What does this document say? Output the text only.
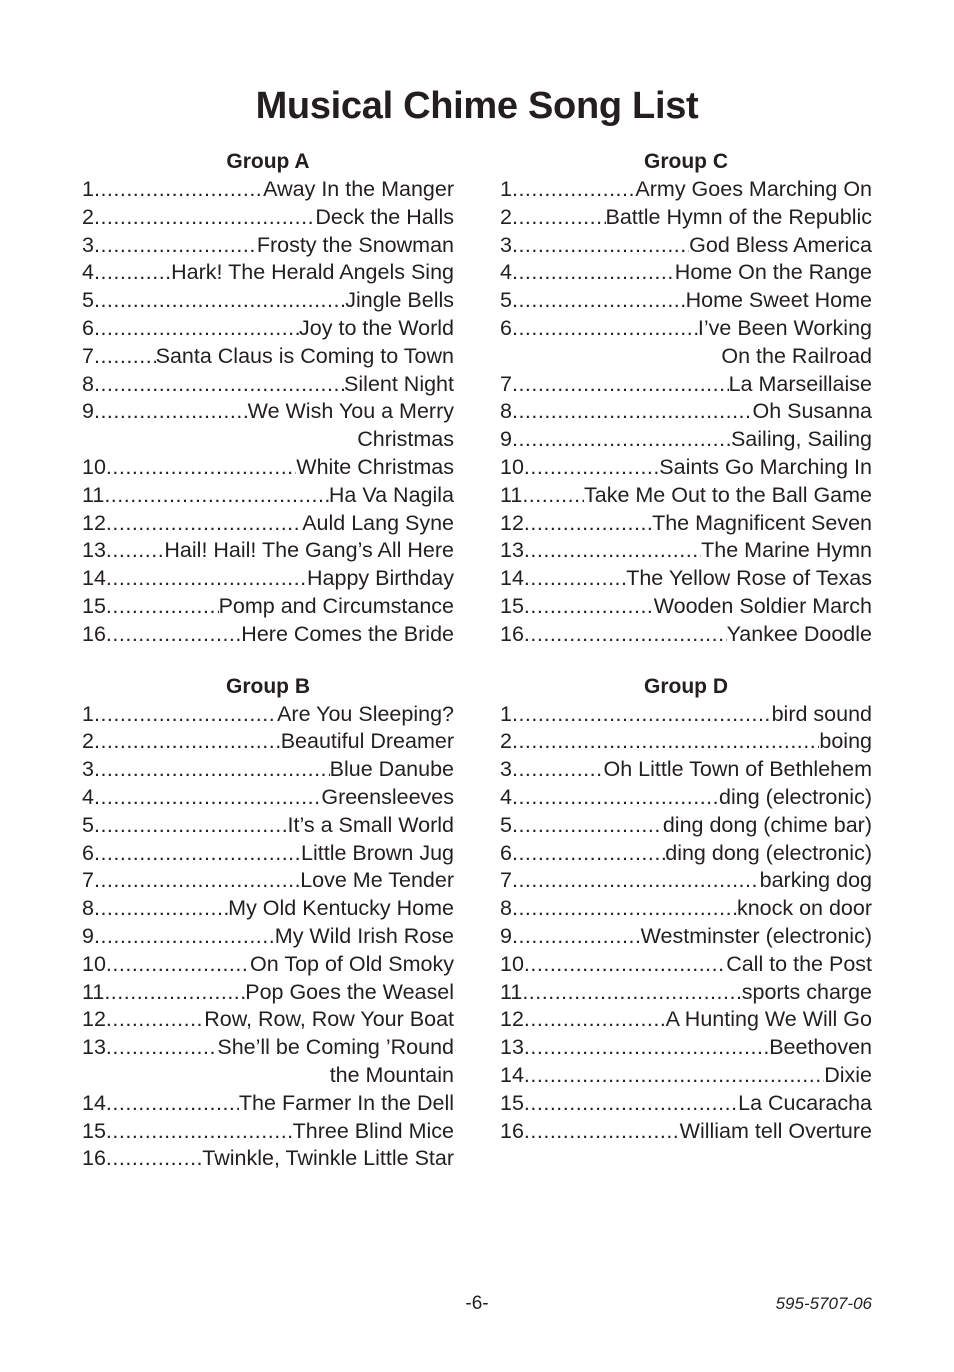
Musical Chime Song List
Group A
1 .....	Away In the Manger
2 .....	Deck the Halls
3 .....	Frosty the Snowman
4 .....	Hark! The Herald Angels Sing
5 .....	Jingle Bells
6 .....	Joy to the World
7 .....	Santa Claus is Coming to Town
8 .....	Silent Night
9 .....	We Wish You a Merry
Christmas
10 .....	White Christmas
11 .....	Ha Va Nagila
12 .....	Auld Lang Syne
13 .....	Hail! Hail! The Gang’s All Here
14 .....	Happy Birthday
15 .....	Pomp and Circumstance
16 .....	Here Comes the Bride
Group B
1 .....	Are You Sleeping?
2 .....	Beautiful Dreamer
3 .....	Blue Danube
4 .....	Greensleeves
5 .....	It’s a Small World
6 .....	Little Brown Jug
7 .....	Love Me Tender
8 .....	My Old Kentucky Home
9 .....	My Wild Irish Rose
10 .....	On Top of Old Smoky
11 .....	Pop Goes the Weasel
12 .....	Row, Row, Row Your Boat
13 .....	She’ll be Coming ’Round
the Mountain
14 .....	The Farmer In the Dell
15 .....	Three Blind Mice
16 .....	Twinkle, Twinkle Little Star
Group C
1 .....	Army Goes Marching On
2 .....	Battle Hymn of the Republic
3 .....	God Bless America
4 .....	Home On the Range
5 .....	Home Sweet Home
6 .....	I’ve Been Working
On the Railroad
7 .....	La Marseillaise
8 .....	Oh Susanna
9 .....	Sailing, Sailing
10 .....	Saints Go Marching In
11 .....	Take Me Out to the Ball Game
12 .....	The Magnificent Seven
13 .....	The Marine Hymn
14 .....	The Yellow Rose of Texas
15 .....	Wooden Soldier March
16 .....	Yankee Doodle
Group D
1 .....	bird sound
2 .....	boing
3 .....	Oh Little Town of Bethlehem
4 .....	ding (electronic)
5 .....	ding dong (chime bar)
6 .....	ding dong (electronic)
7 .....	barking dog
8 .....	knock on door
9 .....	Westminster (electronic)
10 .....	Call to the Post
11 .....	sports charge
12 .....	A Hunting We Will Go
13 .....	Beethoven
14 .....	Dixie
15 .....	La Cucaracha
16 .....	William tell Overture
-6-	595-5707-06
